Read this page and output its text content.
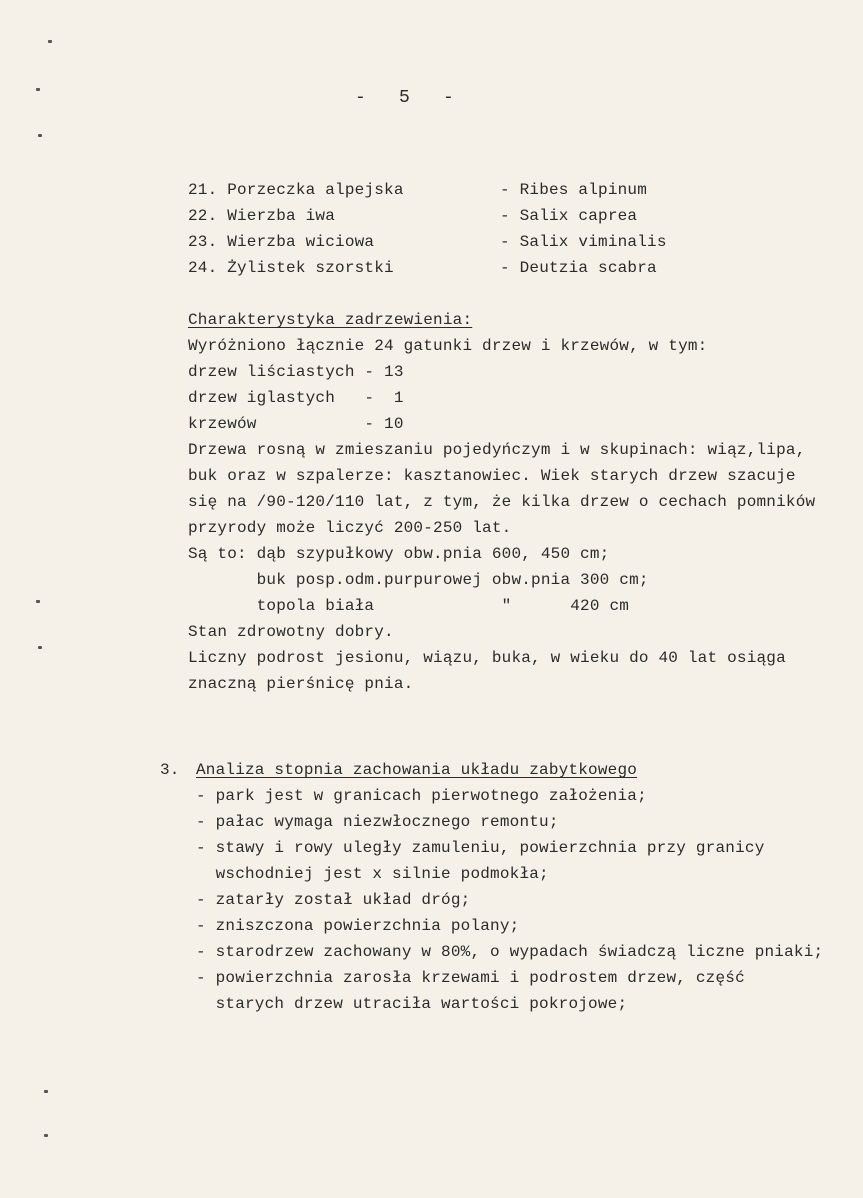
-   5   -
21. Porzeczka alpejska	- Ribes alpinum
22. Wierzba iwa	- Salix caprea
23. Wierzba wiciowa	- Salix viminalis
24. Żylistek szorstki	- Deutzia scabra
Charakterystyka zadrzewienia:
Wyróżniono łącznie 24 gatunki drzew i krzewów, w tym:
drzew liściastych - 13
drzew iglastych   -  1
krzewów           - 10
Drzewa rosną w zmieszaniu pojedyńczym i w skupinach: wiąz,lipa,
buk oraz w szpalerze: kasztanowiec. Wiek starych drzew szacuje
się na /90-120/110 lat, z tym, że kilka drzew o cechach pomników
przyrody może liczyć 200-250 lat.
Są to: dąb szypułkowy obw.pnia 600, 450 cm;
buk posp.odm.purpurowej obw.pnia 300 cm;
topola biała             "      420 cm
Stan zdrowotny dobry.
Liczny podrost jesionu, wiązu, buka, w wieku do 40 lat osiąga
znaczną pierśnicę pnia.
3. Analiza stopnia zachowania układu zabytkowego
- park jest w granicach pierwotnego założenia;
- pałac wymaga niezwłocznego remontu;
- stawy i rowy uległy zamuleniu, powierzchnia przy granicy
wschodniej jest x silnie podmokła;
- zatarły został układ dróg;
- zniszczona powierzchnia polany;
- starodrzew zachowany w 80%, o wypadach świadczą liczne pniaki;
- powierzchnia zarosła krzewami i podrostem drzew, część
starych drzew utraciła wartości pokrojowe;
